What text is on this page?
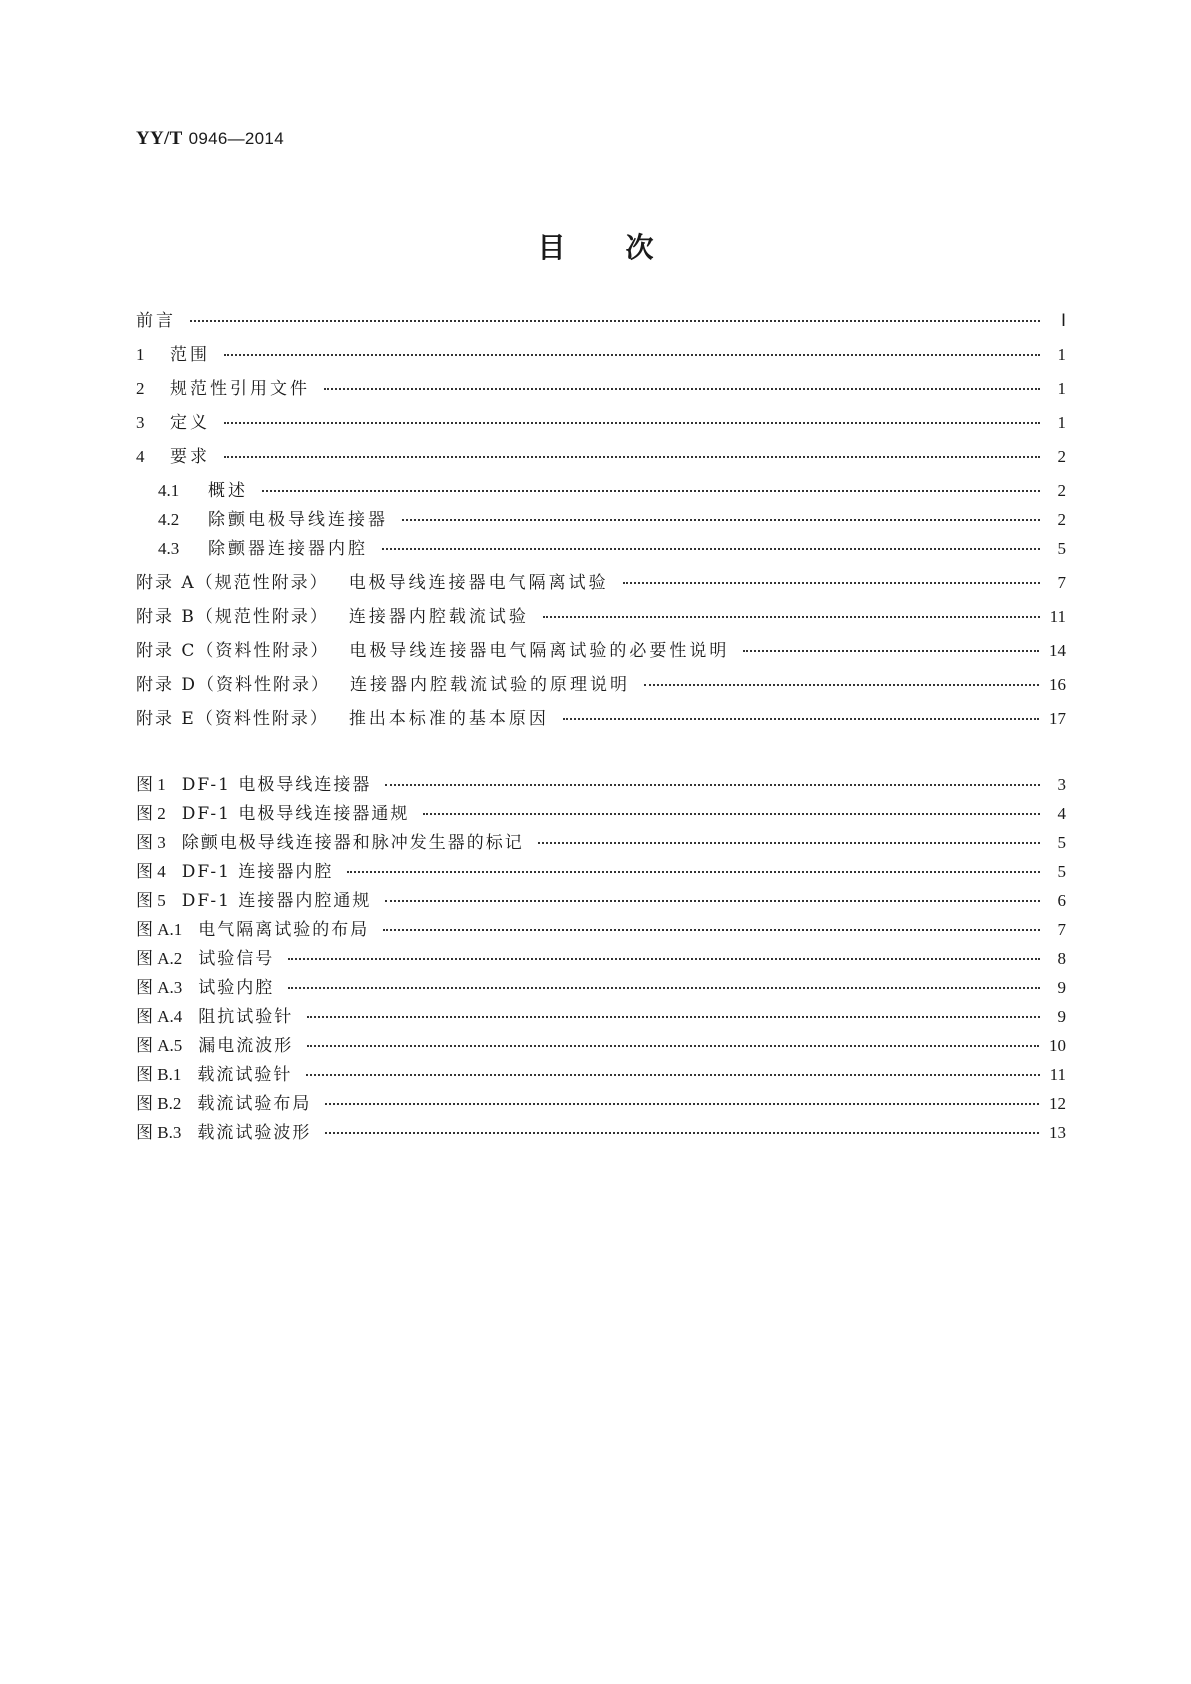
YY/T 0946—2014
目 次
前言	Ⅰ
1	范围	1
2	规范性引用文件	1
3	定义	1
4	要求	2
4.1	概述	2
4.2	除颤电极导线连接器	2
4.3	除颤器连接器内腔	5
附录 A（规范性附录） 电极导线连接器电气隔离试验	7
附录 B（规范性附录） 连接器内腔载流试验	11
附录 C（资料性附录） 电极导线连接器电气隔离试验的必要性说明	14
附录 D（资料性附录） 连接器内腔载流试验的原理说明	16
附录 E（资料性附录） 推出本标准的基本原因	17
图 1 DF-1 电极导线连接器	3
图 2 DF-1 电极导线连接器通规	4
图 3 除颤电极导线连接器和脉冲发生器的标记	5
图 4 DF-1 连接器内腔	5
图 5 DF-1 连接器内腔通规	6
图 A.1 电气隔离试验的布局	7
图 A.2 试验信号	8
图 A.3 试验内腔	9
图 A.4 阻抗试验针	9
图 A.5 漏电流波形	10
图 B.1 载流试验针	11
图 B.2 载流试验布局	12
图 B.3 载流试验波形	13
